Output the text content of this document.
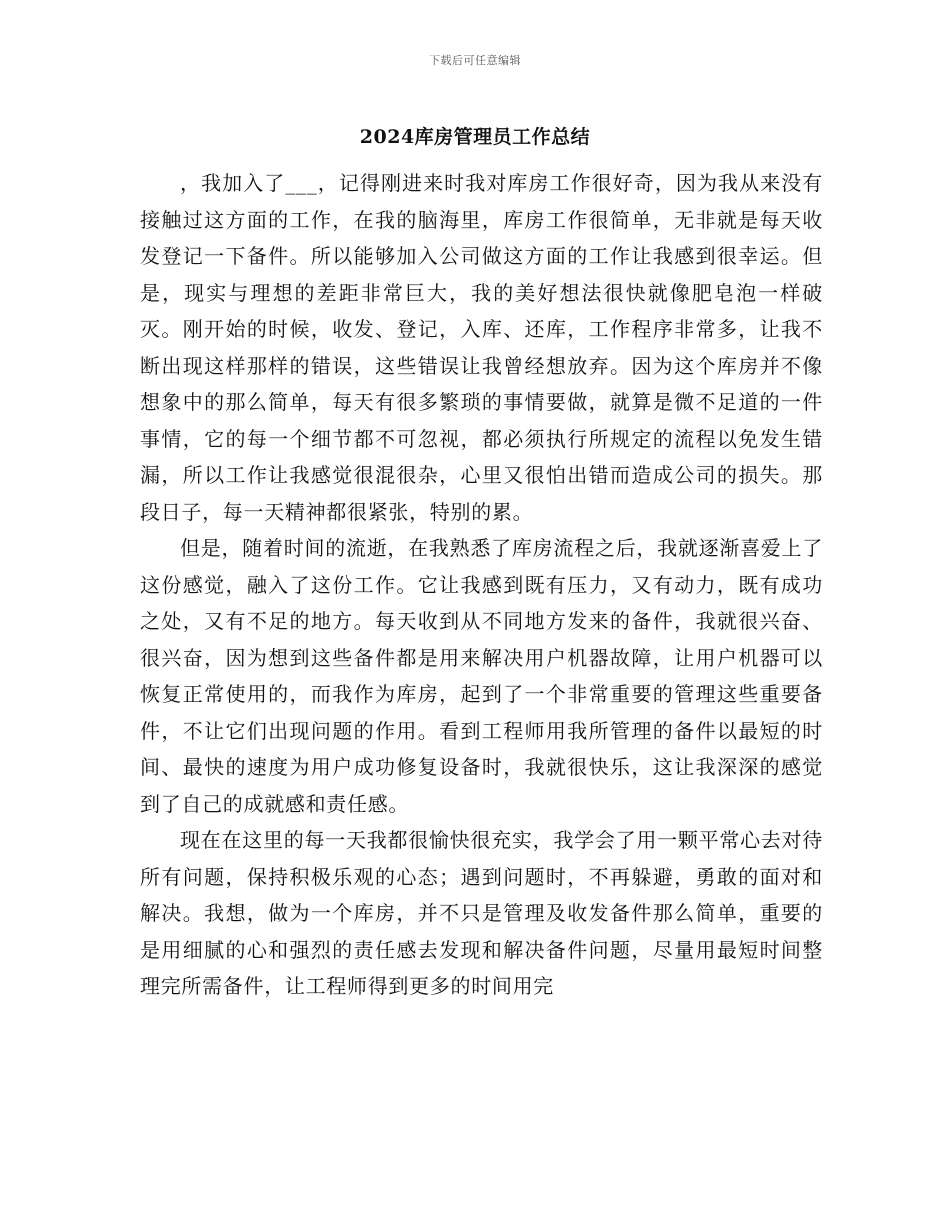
下载后可任意编辑
2024库房管理员工作总结

，我加入了___，记得刚进来时我对库房工作很好奇，因为我从来没有接触过这方面的工作，在我的脑海里，库房工作很简单，无非就是每天收发登记一下备件。所以能够加入公司做这方面的工作让我感到很幸运。但是，现实与理想的差距非常巨大，我的美好想法很快就像肥皂泡一样破灭。刚开始的时候，收发、登记，入库、还库，工作程序非常多，让我不断出现这样那样的错误，这些错误让我曾经想放弃。因为这个库房并不像想象中的那么简单，每天有很多繁琐的事情要做，就算是微不足道的一件事情，它的每一个细节都不可忽视，都必须执行所规定的流程以免发生错漏，所以工作让我感觉很混很杂，心里又很怕出错而造成公司的损失。那段日子，每一天精神都很紧张，特别的累。

但是，随着时间的流逝，在我熟悉了库房流程之后，我就逐渐喜爱上了这份感觉，融入了这份工作。它让我感到既有压力，又有动力，既有成功之处，又有不足的地方。每天收到从不同地方发来的备件，我就很兴奋、很兴奋，因为想到这些备件都是用来解决用户机器故障，让用户机器可以恢复正常使用的，而我作为库房，起到了一个非常重要的管理这些重要备件，不让它们出现问题的作用。看到工程师用我所管理的备件以最短的时间、最快的速度为用户成功修复设备时，我就很快乐，这让我深深的感觉到了自己的成就感和责任感。

现在在这里的每一天我都很愉快很充实，我学会了用一颗平常心去对待所有问题，保持积极乐观的心态；遇到问题时，不再躲避，勇敢的面对和解决。我想，做为一个库房，并不只是管理及收发备件那么简单，重要的是用细腻的心和强烈的责任感去发现和解决备件问题，尽量用最短时间整理完所需备件，让工程师得到更多的时间用完
